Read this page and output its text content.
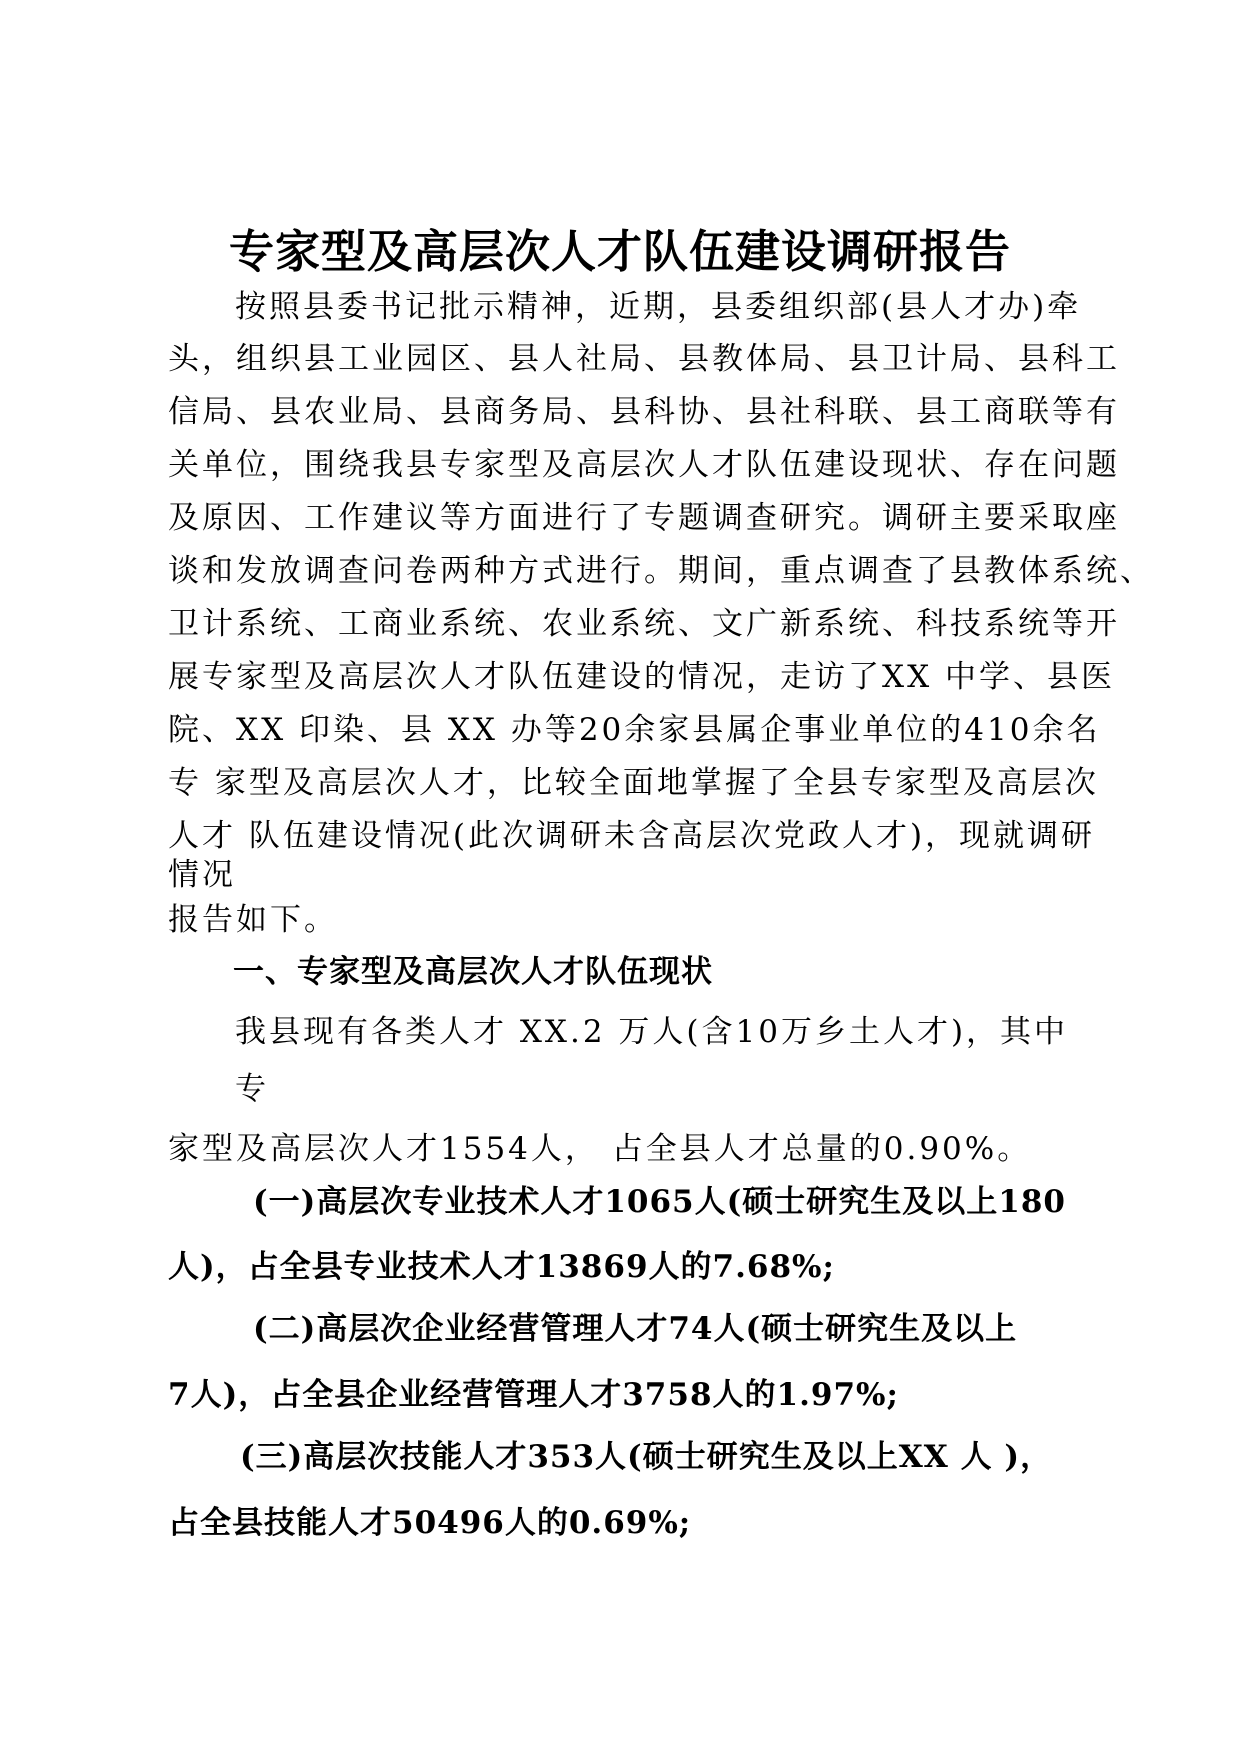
专家型及高层次人才队伍建设调研报告
按照县委书记批示精神，近期，县委组织部(县人才办)牵
头，组织县工业园区、县人社局、县教体局、县卫计局、县科工
信局、县农业局、县商务局、县科协、县社科联、县工商联等有
关单位，围绕我县专家型及高层次人才队伍建设现状、存在问题
及原因、工作建议等方面进行了专题调查研究。调研主要采取座
谈和发放调查问卷两种方式进行。期间，重点调查了县教体系统、
卫计系统、工商业系统、农业系统、文广新系统、科技系统等开
展专家型及高层次人才队伍建设的情况，走访了XX 中学、县医
院、XX 印染、县 XX 办等20余家县属企事业单位的410余名
专 家型及高层次人才，比较全面地掌握了全县专家型及高层次
人才 队伍建设情况(此次调研未含高层次党政人才)，现就调研
情况
报告如下。
一、专家型及高层次人才队伍现状
我县现有各类人才 XX.2 万人(含10万乡土人才)，其中
专
家型及高层次人才1554人， 占全县人才总量的0.90%。
(一)高层次专业技术人才1065人(硕士研究生及以上180
人)，占全县专业技术人才13869人的7.68%;
(二)高层次企业经营管理人才74人(硕士研究生及以上
7人)，占全县企业经营管理人才3758人的1.97%;
(三)高层次技能人才353人(硕士研究生及以上XX 人 )，
占全县技能人才50496人的0.69%;
